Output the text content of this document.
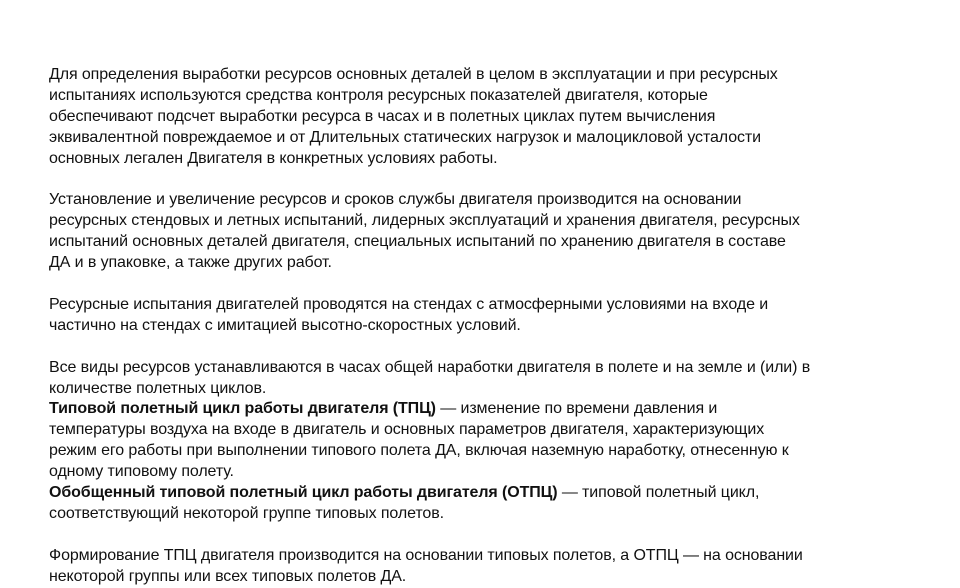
Для определения выработки ресурсов основных деталей в целом в эксплуатации и при ресурсных
испытаниях используются средства контроля ресурсных показателей двигателя, которые
обеспечивают подсчет выработки ресурса в часах и в полетных циклах путем вычисления
эквивалентной повреждаемое и от Длительных статических нагрузок и малоцикловой усталости
основных легален Двигателя в конкретных условиях работы.

Установление и увеличение ресурсов и сроков службы двигателя производится на основании
ресурсных стендовых и летных испытаний, лидерных эксплуатаций и хранения двигателя, ресурсных
испытаний основных деталей двигателя, специальных испытаний по хранению двигателя в составе
ДА и в упаковке, а также других работ.

Ресурсные испытания двигателей проводятся на стендах с атмосферными условиями на входе и
частично на стендах с имитацией высотно-скоростных условий.

Все виды ресурсов устанавливаются в часах общей наработки двигателя в полете и на земле и (или) в
количестве полетных циклов.

Типовой полетный цикл работы двигателя (ТПЦ) — изменение по времени давления и
температуры воздуха на входе в двигатель и основных параметров двигателя, характеризующих
режим его работы при выполнении типового полета ДА, включая наземную наработку, отнесенную к
одному типовому полету.

Обобщенный типовой полетный цикл работы двигателя (ОТПЦ) — типовой полетный цикл,
соответствующий некоторой группе типовых полетов.

Формирование ТПЦ двигателя производится на основании типовых полетов, а ОТПЦ — на основании
некоторой группы или всех типовых полетов ДА.
